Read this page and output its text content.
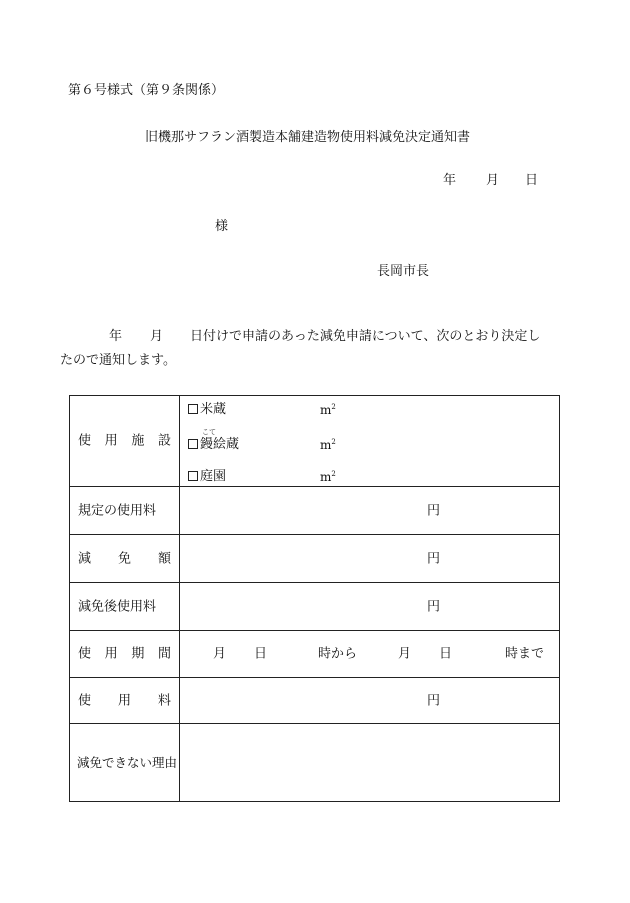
第６号様式（第９条関係）
旧機那サフラン酒製造本舗建造物使用料減免決定通知書
年 月 日
様
長岡市長
年 月 日付けで申請のあった減免申請について、次のとおり決定し
たので通知します。
使 用 施 設
米蔵	$m^2$
こて
鏝絵蔵	$m^2$
庭園	$m^2$
規定の使用料	円
減 免 額	円
減免後使用料	円
使 用 期 間	月 日	時から	月 日	時まで
使 用 料	円
減免できない理由
